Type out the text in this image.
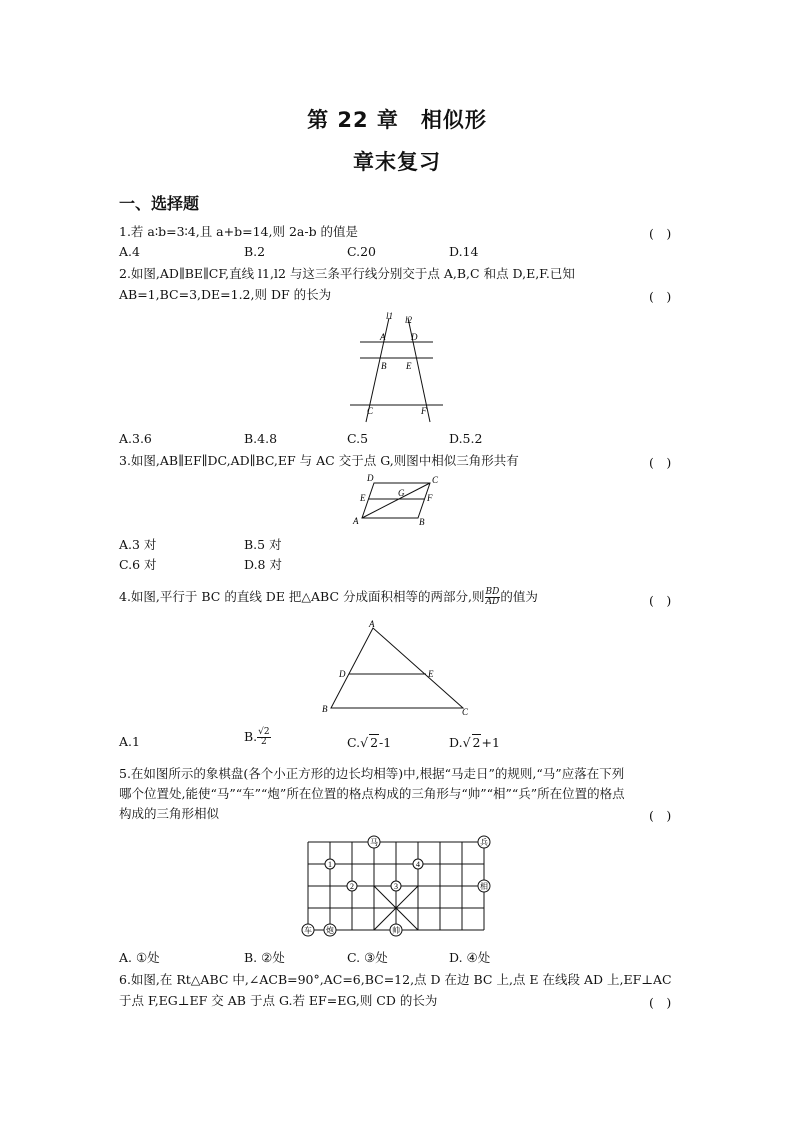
第 22 章　相似形
章末复习
一、选择题
1.若 a∶b=3∶4,且 a+b=14,则 2a-b 的值是	(　)
A.4	B.2	C.20	D.14
2.如图,AD∥BE∥CF,直线 l1,l2 与这三条平行线分别交于点 A,B,C 和点 D,E,F.已知
AB=1,BC=3,DE=1.2,则 DF 的长为	(　)
l1 l2
A	D
B E
C	F
A.3.6	B.4.8	C.5	D.5.2
3.如图,AB∥EF∥DC,AD∥BC,EF 与 AC 交于点 G,则图中相似三角形共有	(　)
D	C
E	G	F
A	B
A.3 对	B.5 对
C.6 对	D.8 对
4.如图,平行于 BC 的直线 DE 把△ABC 分成面积相等的两部分,则 $\frac{BD}{AD}$ 的值为	(　)
A
D	E
B	C
A.1	B. $\frac{√2}{2}$	C.√ 2-1	D.√ 2+1
5.在如图所示的象棋盘(各个小正方形的边长均相等)中,根据“马走日”的规则,“马”应落在下列
哪个位置处,能使“马”“车”“炮”所在位置的格点构成的三角形与“帅”“相”“兵”所在位置的格点
构成的三角形相似	(　)
马	兵
相
车 炮	帅
1
2	3
4
A. ①处	B. ②处	C. ③处	D. ④处
6.如图,在 Rt△ABC 中,∠ACB=90°,AC=6,BC=12,点 D 在边 BC 上,点 E 在线段 AD 上,EF⊥AC
于点 F,EG⊥EF 交 AB 于点 G.若 EF=EG,则 CD 的长为	(　)
